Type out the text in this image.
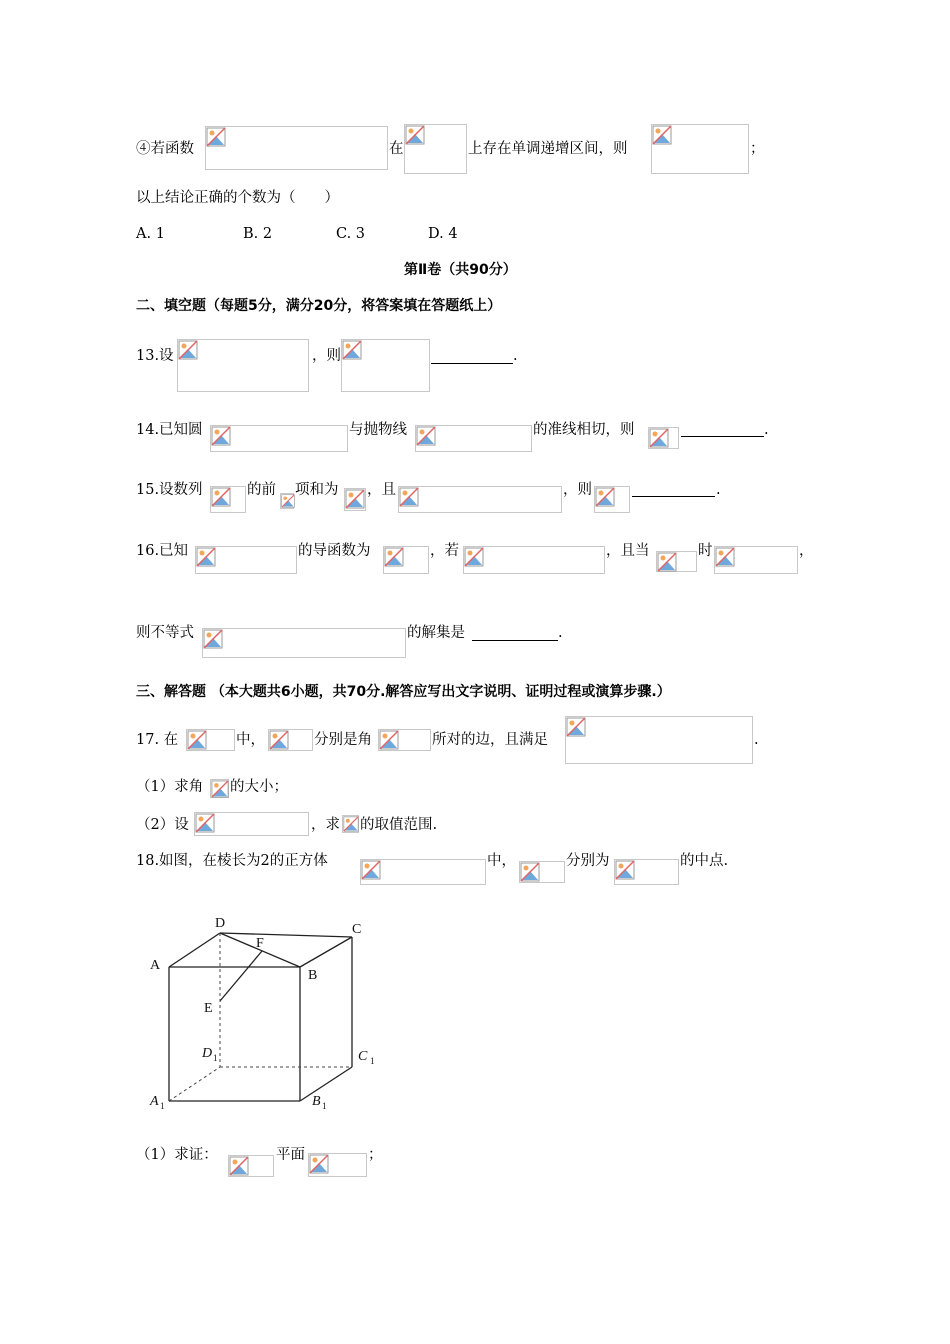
④若函数	在	上存在单调递增区间，则	；
以上结论正确的个数为（　　）
A. 1	B. 2	C. 3	D. 4
第Ⅱ卷（共90分）
二、填空题（每题5分，满分20分，将答案填在答题纸上）
13.设	，则	.
14.已知圆	与抛物线	的准线相切，则	.
15.设数列	的前 项和为 ，且	，则	.
16.已知	的导函数为	，若	，且当	时	，
则不等式	的解集是	.
三、解答题 （本大题共6小题，共70分.解答应写出文字说明、证明过程或演算步骤.）
17. 在	中，	分别是角	所对的边，且满足	.
（1）求角 的大小；
（2）设	，求 的取值范围.
18.如图，在棱长为2的正方体	中，	分别为	的中点.
A
B
C
D
E
F
D 1	C 1
A 1	B 1
（1）求证：	平面	；
